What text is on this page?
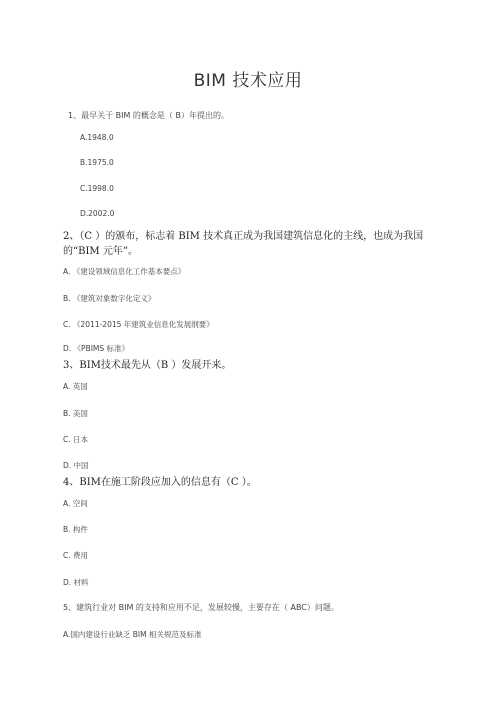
BIM 技术应用
1、最早关于 BIM 的概念是（ B）年提出的。
A.1948.0
B.1975.0
C.1998.0
D.2002.0
2、（C ）的颁布，标志着 BIM 技术真正成为我国建筑信息化的主线，也成为我国的“BIM 元年”。
A. 《建设领域信息化工作基本要点》
B. 《建筑对象数字化定义》
C. 《2011-2015 年建筑业信息化发展纲要》
D. 《PBIMS 标准》
3、BIM技术最先从（B ）发展开来。
A. 英国
B. 美国
C. 日本
D. 中国
4、BIM在施工阶段应加入的信息有（C ）。
A. 空间
B. 构件
C. 费用
D. 材料
5、建筑行业对 BIM 的支持和应用不足，发展较慢，主要存在（ ABC）问题。
A.国内建设行业缺乏 BIM 相关规范及标准
